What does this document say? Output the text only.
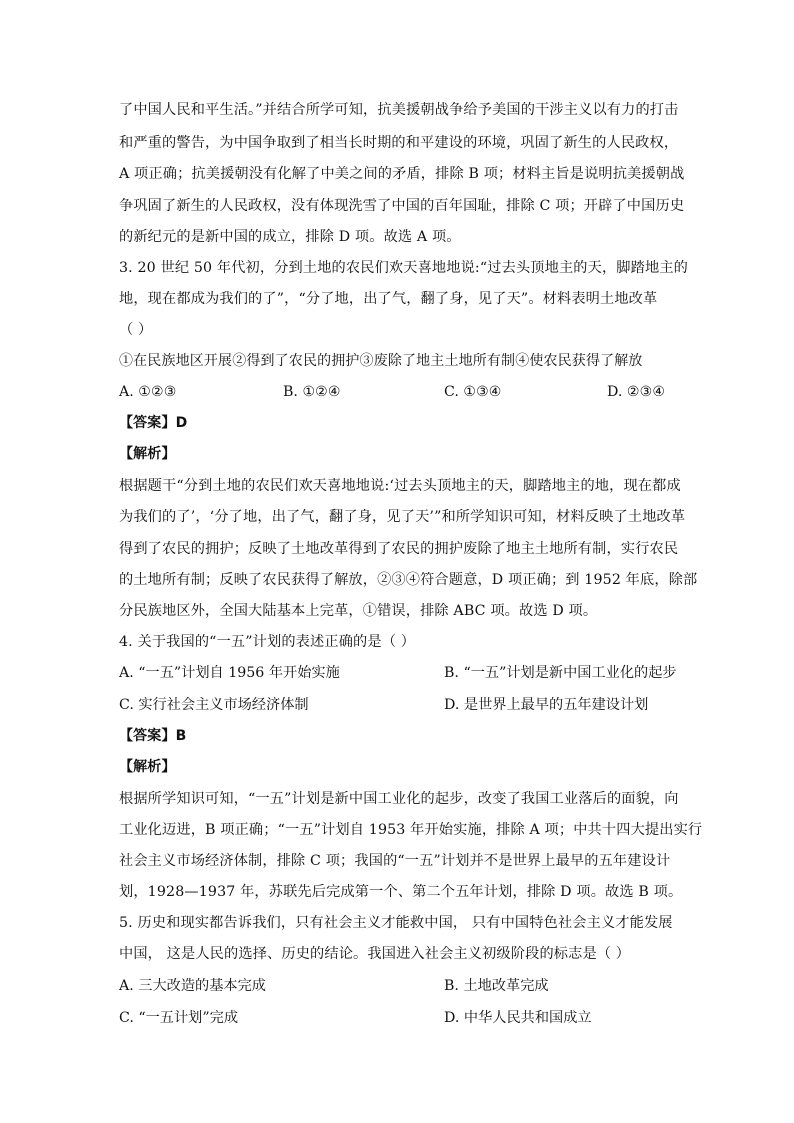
了中国人民和平生活。”并结合所学可知，抗美援朝战争给予美国的干涉主义以有力的打击
和严重的警告，为中国争取到了相当长时期的和平建设的环境，巩固了新生的人民政权，
A 项正确；抗美援朝没有化解了中美之间的矛盾，排除 B 项；材料主旨是说明抗美援朝战
争巩固了新生的人民政权，没有体现洗雪了中国的百年国耻，排除 C 项；开辟了中国历史
的新纪元的是新中国的成立，排除 D 项。故选 A 项。
3. 20 世纪 50 年代初，分到土地的农民们欢天喜地地说:“过去头顶地主的天，脚踏地主的
地，现在都成为我们的了”，“分了地，出了气，翻了身，见了天”。材料表明土地改革
（ ）
①在民族地区开展②得到了农民的拥护③废除了地主土地所有制④使农民获得了解放
A. ①②③	B. ①②④	C. ①③④	D. ②③④
【答案】D
【解析】
根据题干“分到土地的农民们欢天喜地地说:‘过去头顶地主的天，脚踏地主的地，现在都成
为我们的了’，‘分了地，出了气，翻了身，见了天’”和所学知识可知，材料反映了土地改革
得到了农民的拥护；反映了土地改革得到了农民的拥护废除了地主土地所有制，实行农民
的土地所有制；反映了农民获得了解放，②③④符合题意，D 项正确；到 1952 年底，除部
分民族地区外，全国大陆基本上完革，①错误，排除 ABC 项。故选 D 项。
4. 关于我国的“一五”计划的表述正确的是（ ）
A. “一五”计划自 1956 年开始实施	B. “一五”计划是新中国工业化的起步
C. 实行社会主义市场经济体制	D. 是世界上最早的五年建设计划
【答案】B
【解析】
根据所学知识可知，“一五”计划是新中国工业化的起步，改变了我国工业落后的面貌，向
工业化迈进，B 项正确；“一五”计划自 1953 年开始实施，排除 A 项；中共十四大提出实行
社会主义市场经济体制，排除 C 项；我国的“一五”计划并不是世界上最早的五年建设计
划，1928—1937 年，苏联先后完成第一个、第二个五年计划，排除 D 项。故选 B 项。
5. 历史和现实都告诉我们，只有社会主义才能救中国， 只有中国特色社会主义才能发展
中国， 这是人民的选择、历史的结论。我国进入社会主义初级阶段的标志是（ ）
A. 三大改造的基本完成	B. 土地改革完成
C. “一五计划”完成	D. 中华人民共和国成立
